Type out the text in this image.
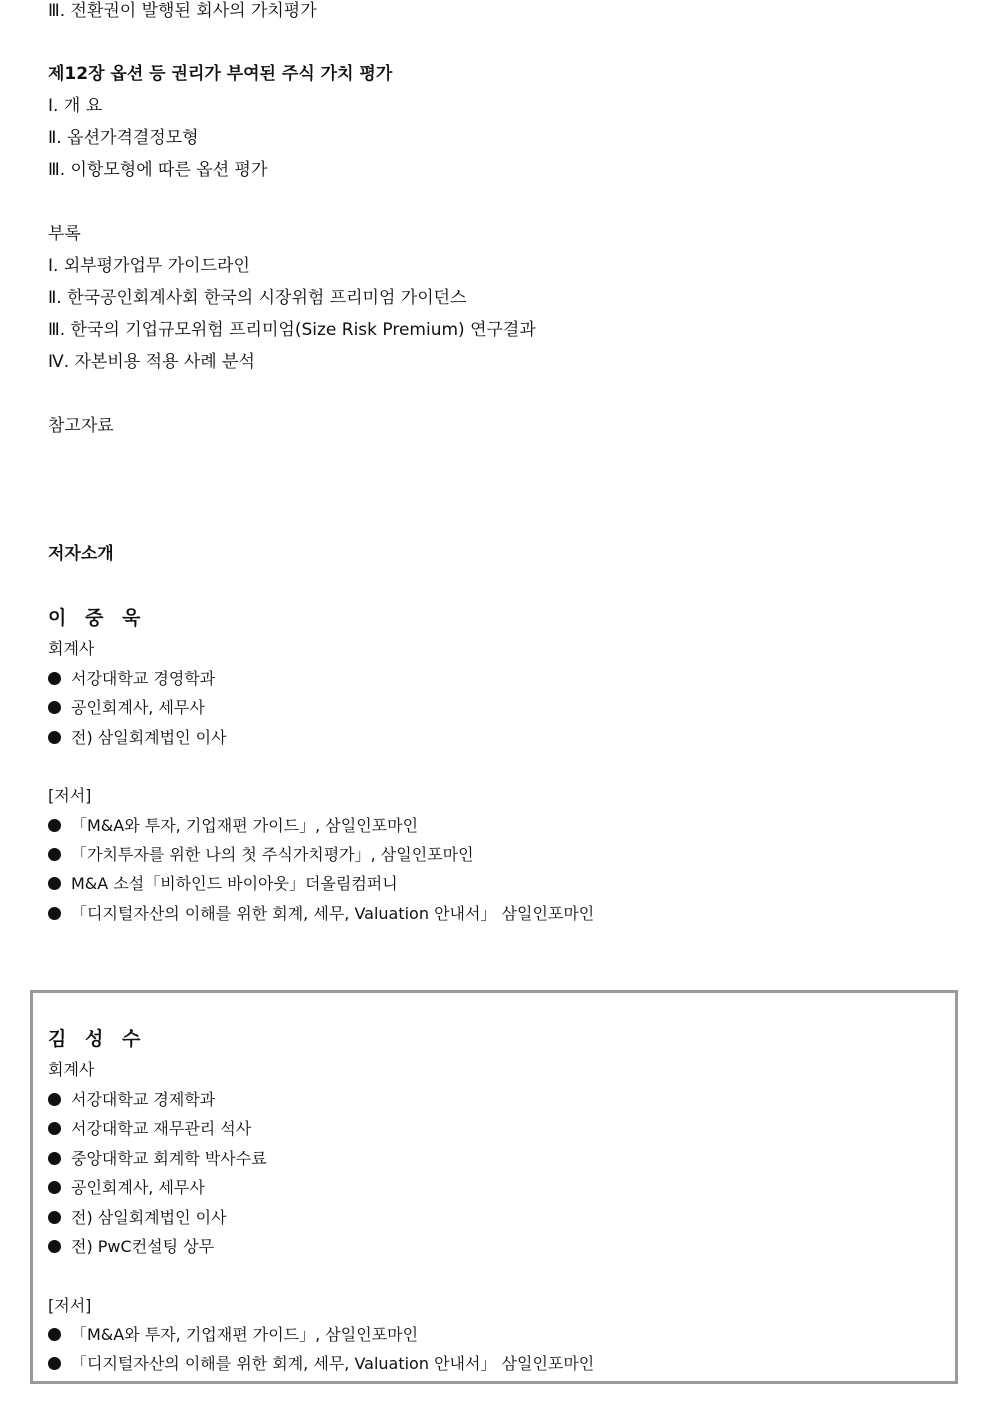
Ⅲ. 전환권이 발행된 회사의 가치평가
제12장 옵션 등 권리가 부여된 주식 가치 평가
Ⅰ. 개 요
Ⅱ. 옵션가격결정모형
Ⅲ. 이항모형에 따른 옵션 평가
부록
Ⅰ. 외부평가업무 가이드라인
Ⅱ. 한국공인회계사회 한국의 시장위험 프리미엄 가이던스
Ⅲ. 한국의 기업규모위험 프리미엄(Size Risk Premium) 연구결과
Ⅳ. 자본비용 적용 사례 분석
참고자료
저자소개
이 중 욱
회계사
서강대학교 경영학과
공인회계사, 세무사
전) 삼일회계법인 이사
[저서]
「M&A와 투자, 기업재편 가이드」, 삼일인포마인
「가치투자를 위한 나의 첫 주식가치평가」, 삼일인포마인
M&A 소설「비하인드 바이아웃」더올림컴퍼니
「디지털자산의 이해를 위한 회계, 세무, Valuation 안내서」 삼일인포마인
김 성 수
회계사
서강대학교 경제학과
서강대학교 재무관리 석사
중앙대학교 회계학 박사수료
공인회계사, 세무사
전) 삼일회계법인 이사
전) PwC컨설팅 상무
[저서]
「M&A와 투자, 기업재편 가이드」, 삼일인포마인
「디지털자산의 이해를 위한 회계, 세무, Valuation 안내서」 삼일인포마인
